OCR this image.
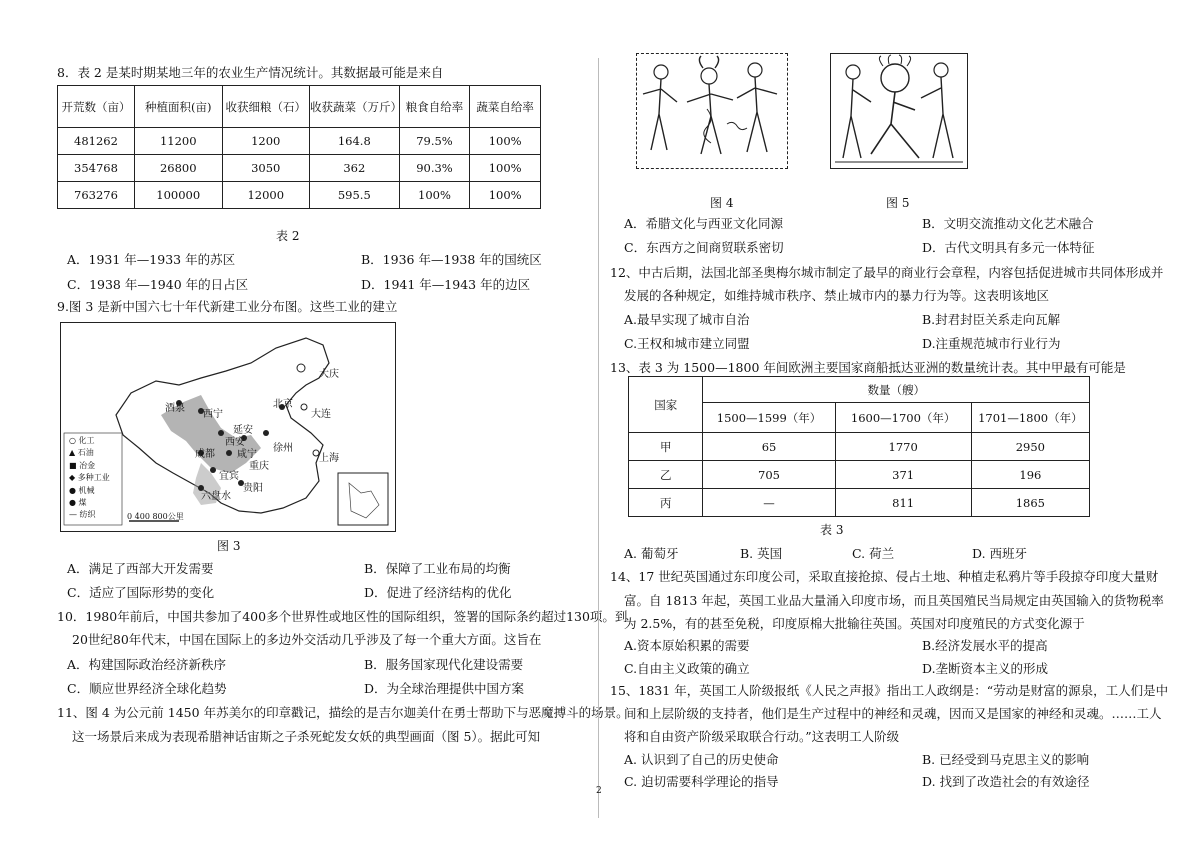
8．表 2 是某时期某地三年的农业生产情况统计。其数据最可能是来自
开荒数（亩）	种植面积(亩)	收获细粮（石）	收获蔬菜（万斤）	粮食自给率	蔬菜自给率
481262	11200	1200	164.8	79.5%	100%
354768	26800	3050	362	90.3%	100%
763276	100000	12000	595.5	100%	100%
表 2
A．1931 年—1933 年的苏区	B．1936 年—1938 年的国统区
C．1938 年—1940 年的日占区	D．1941 年—1943 年的边区
9.图 3 是新中国六七十年代新建工业分布图。这些工业的建立
大庆
酒泉
西宁
北京
大连
延安
西安
徐州
成都 咸宁
重庆
上海
宜宾
贵阳
六盘水
○ 化工
▲ 石油
■ 冶金
◆ 多种工业
● 机械
● 煤
— 纺织	0 400 800公里
图 3
A．满足了西部大开发需要	B．保障了工业布局的均衡
C．适应了国际形势的变化	D．促进了经济结构的优化
10．1980年前后，中国共参加了400多个世界性或地区性的国际组织，签署的国际条约超过130项。到
20世纪80年代末，中国在国际上的多边外交活动几乎涉及了每一个重大方面。这旨在
A．构建国际政治经济新秩序	B．服务国家现代化建设需要
C．顺应世界经济全球化趋势	D．为全球治理提供中国方案
11、图 4 为公元前 1450 年苏美尔的印章戳记，描绘的是吉尔迦美什在勇士帮助下与恶魔搏斗的场景。
这一场景后来成为表现希腊神话宙斯之子杀死蛇发女妖的典型画面（图 5）。据此可知
图 4	图 5
A．希腊文化与西亚文化同源	B．文明交流推动文化艺术融合
C．东西方之间商贸联系密切	D．古代文明具有多元一体特征
12、中古后期，法国北部圣奥梅尔城市制定了最早的商业行会章程，内容包括促进城市共同体形成并
发展的各种规定，如维持城市秩序、禁止城市内的暴力行为等。这表明该地区
A.最早实现了城市自治	B.封君封臣关系走向瓦解
C.王权和城市建立同盟	D.注重规范城市行业行为
13、表 3 为 1500—1800 年间欧洲主要国家商船抵达亚洲的数量统计表。其中甲最有可能是
国家	数量（艘）		
	1500—1599（年）	1600—1700（年）	1701—1800（年）
甲	65	1770	2950
乙	705	371	196
丙	—	811	1865
表 3
A. 葡萄牙	B. 英国	C. 荷兰	D. 西班牙
14、17 世纪英国通过东印度公司，采取直接抢掠、侵占土地、种植走私鸦片等手段掠夺印度大量财
富。自 1813 年起，英国工业品大量涌入印度市场，而且英国殖民当局规定由英国输入的货物税率
为 2.5%，有的甚至免税，印度原棉大批输往英国。英国对印度殖民的方式变化源于
A.资本原始积累的需要	B.经济发展水平的提高
C.自由主义政策的确立	D.垄断资本主义的形成
15、1831 年，英国工人阶级报纸《人民之声报》指出工人政纲是：“劳动是财富的源泉，工人们是中
间和上层阶级的支持者，他们是生产过程中的神经和灵魂，因而又是国家的神经和灵魂。……工人
将和自由资产阶级采取联合行动。”这表明工人阶级
A. 认识到了自己的历史使命	B. 已经受到马克思主义的影响
C. 迫切需要科学理论的指导	D. 找到了改造社会的有效途径
2
